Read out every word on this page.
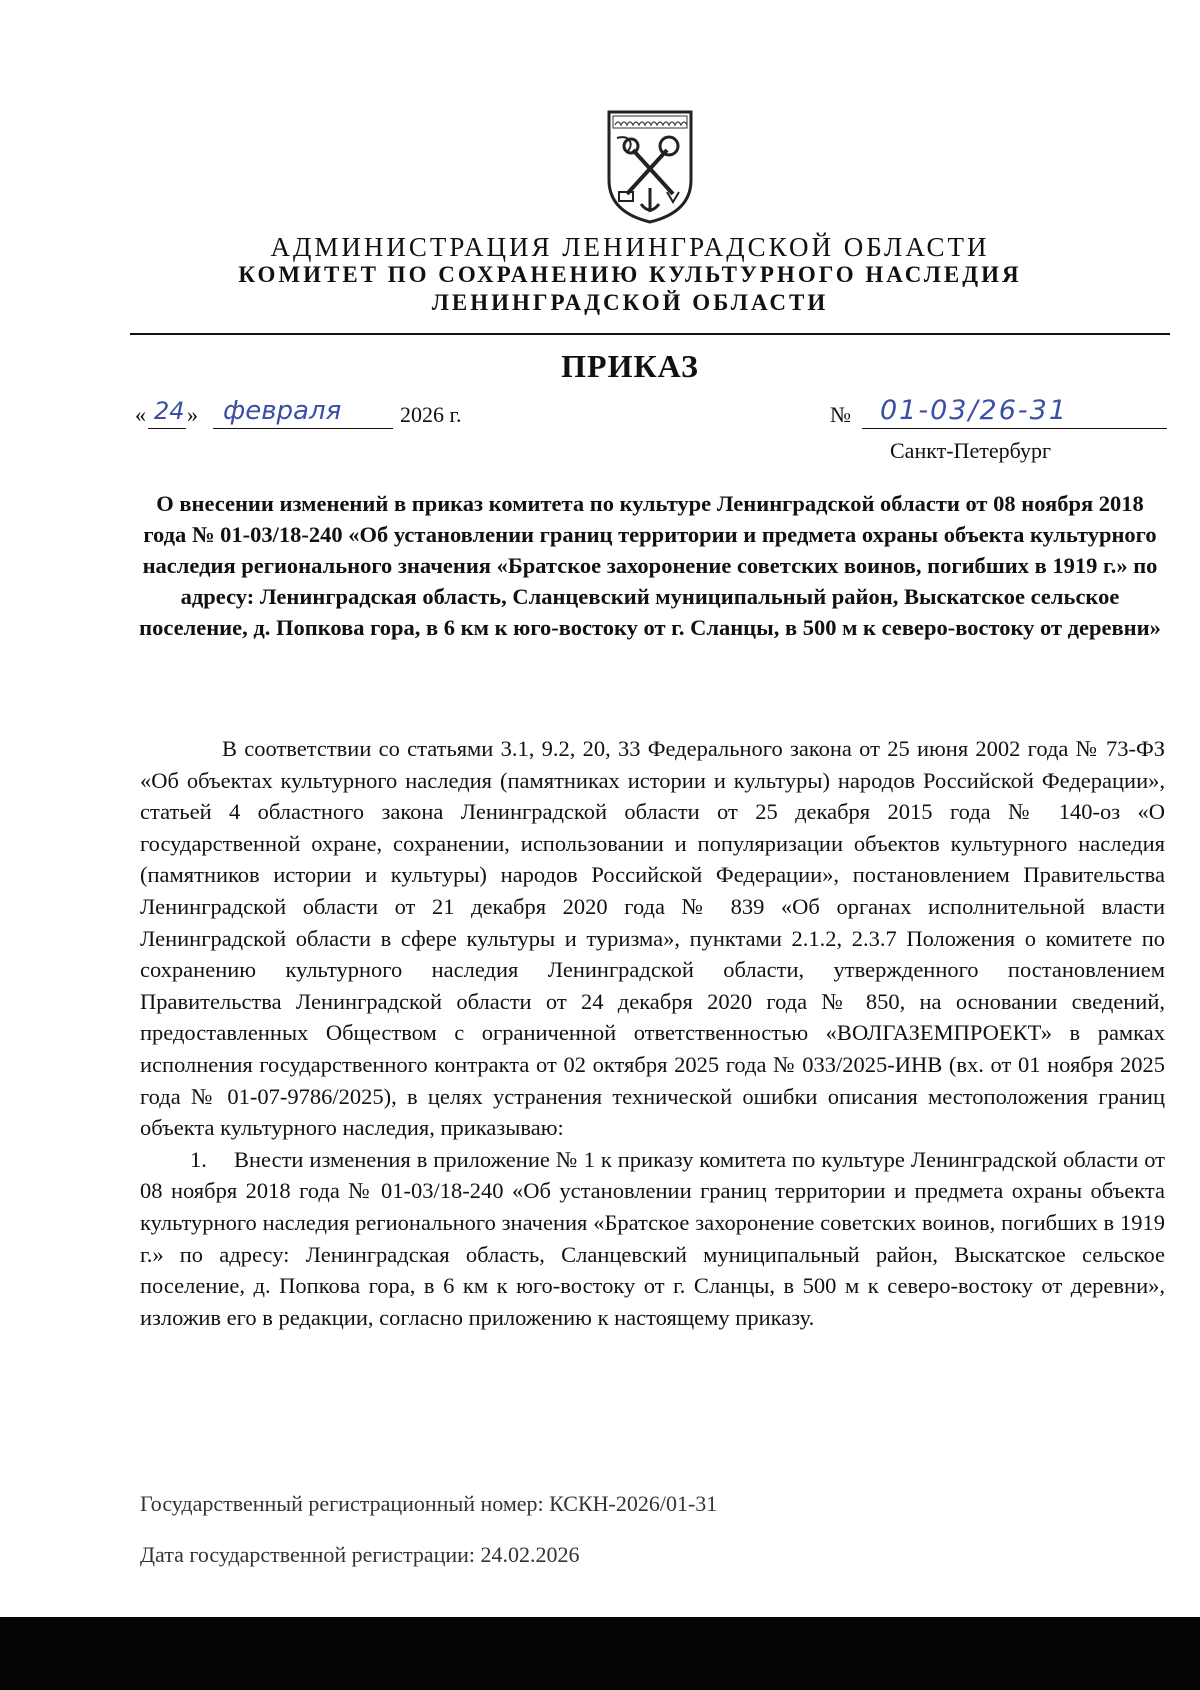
АДМИНИСТРАЦИЯ ЛЕНИНГРАДСКОЙ ОБЛАСТИ
КОМИТЕТ ПО СОХРАНЕНИЮ КУЛЬТУРНОГО НАСЛЕДИЯ
ЛЕНИНГРАДСКОЙ ОБЛАСТИ
ПРИКАЗ
« 24 » февраля	2026 г.	№ 01-03/26-31
Санкт-Петербург
О внесении изменений в приказ комитета по культуре Ленинградской области от 08 ноября 2018 года № 01-03/18-240 «Об установлении границ территории и предмета охраны объекта культурного наследия регионального значения «Братское захоронение советских воинов, погибших в 1919 г.» по адресу: Ленинградская область, Сланцевский муниципальный район, Выскатское сельское поселение, д. Попкова гора, в 6 км к юго-востоку от г. Сланцы, в 500 м к северо-востоку от деревни»

В соответствии со статьями 3.1, 9.2, 20, 33 Федерального закона от 25 июня 2002 года № 73-ФЗ «Об объектах культурного наследия (памятниках истории и культуры) народов Российской Федерации», статьей 4 областного закона Ленинградской области от 25 декабря 2015 года № 140-оз «О государственной охране, сохранении, использовании и популяризации объектов культурного наследия (памятников истории и культуры) народов Российской Федерации», постановлением Правительства Ленинградской области от 21 декабря 2020 года № 839 «Об органах исполнительной власти Ленинградской области в сфере культуры и туризма», пунктами 2.1.2, 2.3.7 Положения о комитете по сохранению культурного наследия Ленинградской области, утвержденного постановлением Правительства Ленинградской области от 24 декабря 2020 года № 850, на основании сведений, предоставленных Обществом с ограниченной ответственностью «ВОЛГАЗЕМПРОЕКТ» в рамках исполнения государственного контракта от 02 октября 2025 года № 033/2025-ИНВ (вх. от 01 ноября 2025 года № 01-07-9786/2025), в целях устранения технической ошибки описания местоположения границ объекта культурного наследия, приказываю:

1. Внести изменения в приложение № 1 к приказу комитета по культуре Ленинградской области от 08 ноября 2018 года № 01-03/18-240 «Об установлении границ территории и предмета охраны объекта культурного наследия регионального значения «Братское захоронение советских воинов, погибших в 1919 г.» по адресу: Ленинградская область, Сланцевский муниципальный район, Выскатское сельское поселение, д. Попкова гора, в 6 км к юго-востоку от г. Сланцы, в 500 м к северо-востоку от деревни», изложив его в редакции, согласно приложению к настоящему приказу.

Государственный регистрационный номер: КСКН-2026/01-31
Дата государственной регистрации: 24.02.2026
